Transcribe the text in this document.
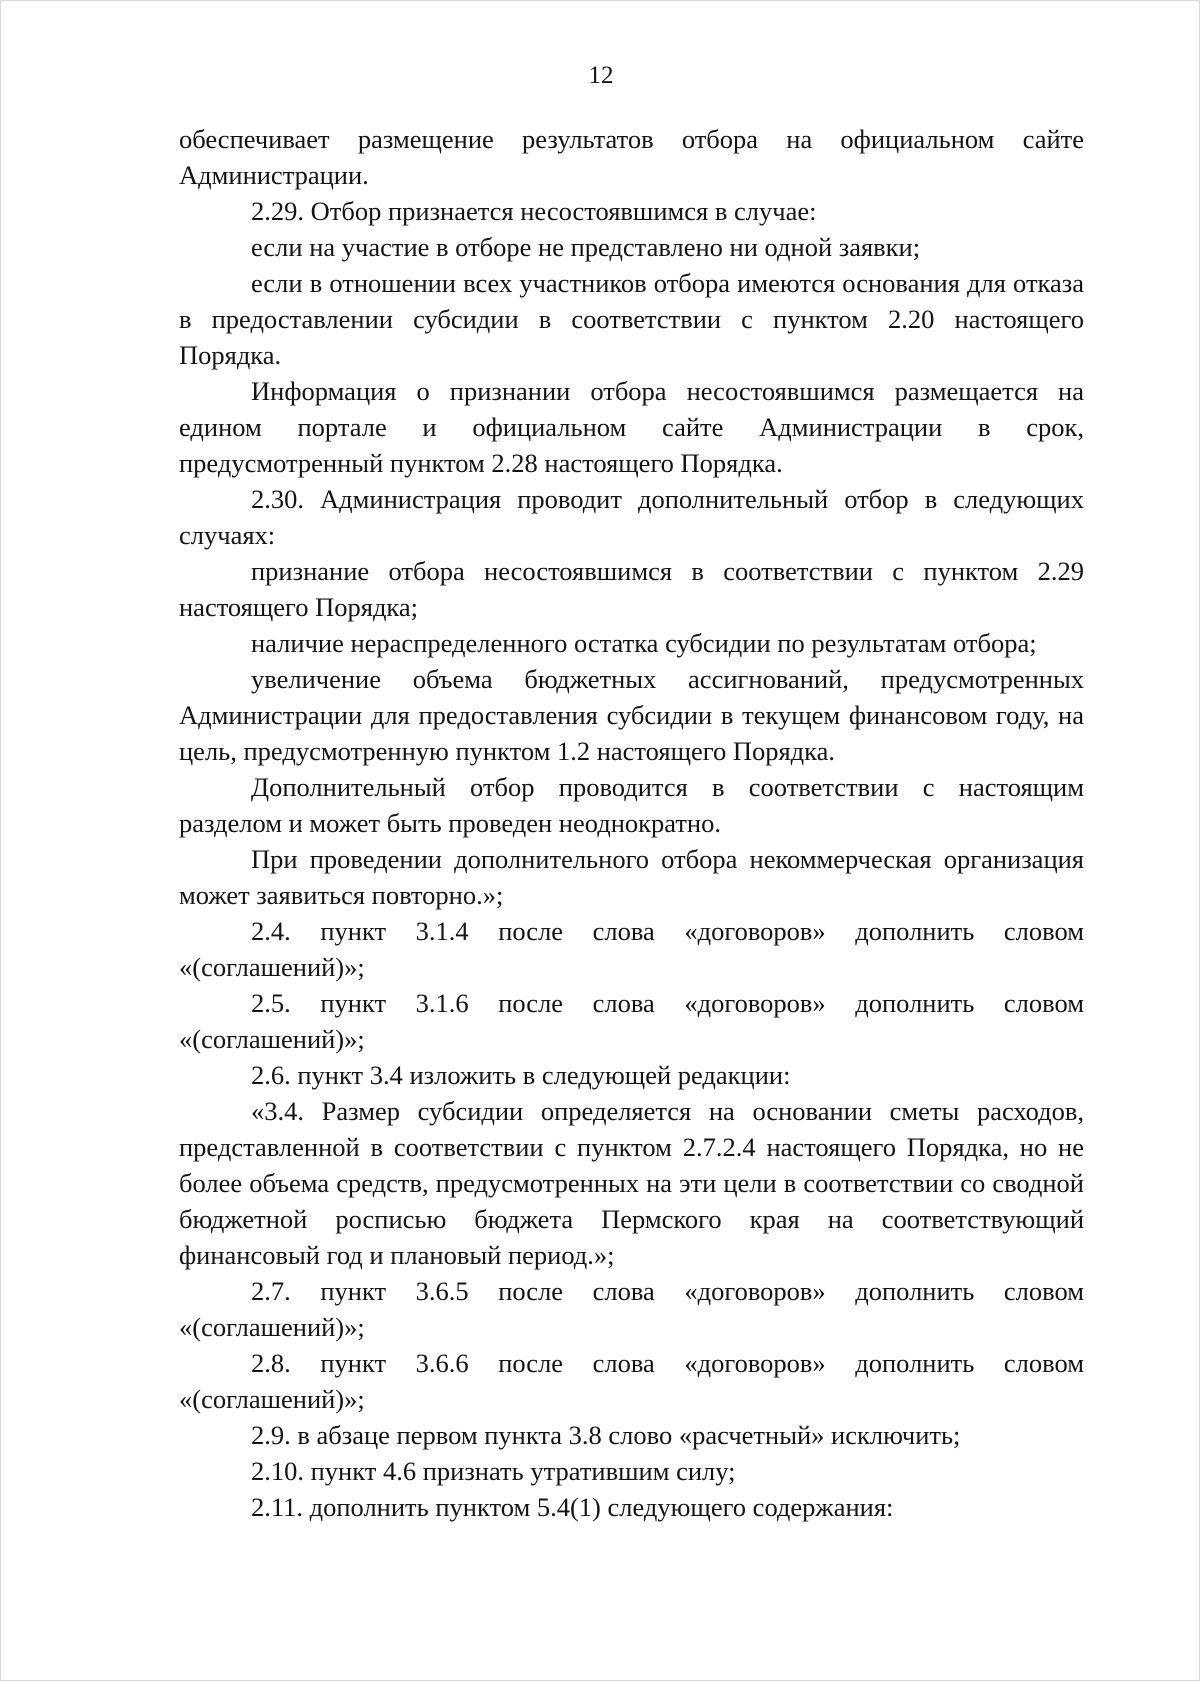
12

обеспечивает размещение результатов отбора на официальном сайте Администрации.

2.29. Отбор признается несостоявшимся в случае:

если на участие в отборе не представлено ни одной заявки;

если в отношении всех участников отбора имеются основания для отказа в предоставлении субсидии в соответствии с пунктом 2.20 настоящего Порядка.

Информация о признании отбора несостоявшимся размещается на едином портале и официальном сайте Администрации в срок, предусмотренный пунктом 2.28 настоящего Порядка.

2.30. Администрация проводит дополнительный отбор в следующих случаях:

признание отбора несостоявшимся в соответствии с пунктом 2.29 настоящего Порядка;

наличие нераспределенного остатка субсидии по результатам отбора;

увеличение объема бюджетных ассигнований, предусмотренных Администрации для предоставления субсидии в текущем финансовом году, на цель, предусмотренную пунктом 1.2 настоящего Порядка.

Дополнительный отбор проводится в соответствии с настоящим разделом и может быть проведен неоднократно.

При проведении дополнительного отбора некоммерческая организация может заявиться повторно.»;

2.4. пункт 3.1.4 после слова «договоров» дополнить словом «(соглашений)»;

2.5. пункт 3.1.6 после слова «договоров» дополнить словом «(соглашений)»;

2.6. пункт 3.4 изложить в следующей редакции:

«3.4. Размер субсидии определяется на основании сметы расходов, представленной в соответствии с пунктом 2.7.2.4 настоящего Порядка, но не более объема средств, предусмотренных на эти цели в соответствии со сводной бюджетной росписью бюджета Пермского края на соответствующий финансовый год и плановый период.»;

2.7. пункт 3.6.5 после слова «договоров» дополнить словом «(соглашений)»;

2.8. пункт 3.6.6 после слова «договоров» дополнить словом «(соглашений)»;

2.9. в абзаце первом пункта 3.8 слово «расчетный» исключить;

2.10. пункт 4.6 признать утратившим силу;

2.11. дополнить пунктом 5.4(1) следующего содержания:
